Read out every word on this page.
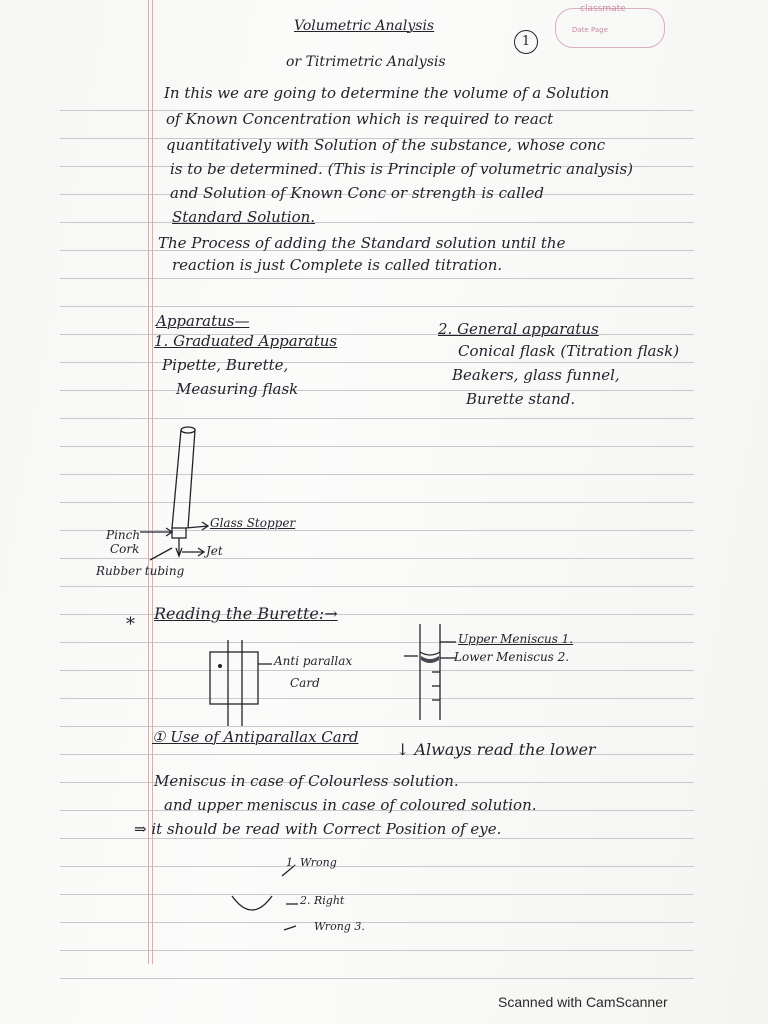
classmate
Date Page
Volumetric Analysis
1
or Titrimetric Analysis
In this we are going to determine the volume of a Solution
of Known Concentration which is required to react
quantitatively with Solution of the substance, whose conc
is to be determined. (This is Principle of volumetric analysis)
and Solution of Known Conc or strength is called
Standard Solution.
The Process of adding the Standard solution until the
reaction is just Complete is called titration.
Apparatus—
1. Graduated Apparatus
Pipette, Burette,
Measuring flask
2. General apparatus
Conical flask (Titration flask)
Beakers, glass funnel,
Burette stand.
Pinch
Cork
Glass Stopper
Jet
Rubber tubing
*
Reading the Burette:→
Anti parallax
Card
Upper Meniscus 1.
Lower Meniscus 2.
① Use of Antiparallax Card
↓ Always read the lower
Meniscus in case of Colourless solution.
and upper meniscus in case of coloured solution.
⇒ it should be read with Correct Position of eye.
1. Wrong
2. Right
Wrong 3.
Scanned with CamScanner
